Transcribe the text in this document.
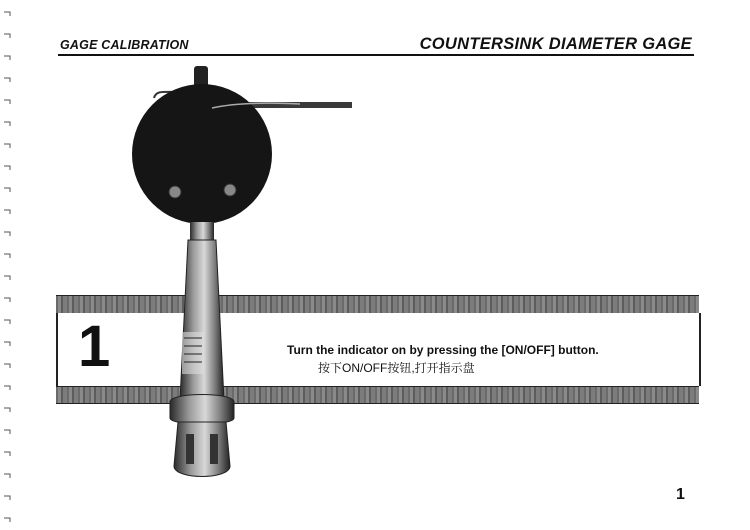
GAGE CALIBRATION	COUNTERSINK DIAMETER GAGE
1	Turn the indicator on by pressing the [ON/OFF] button.
按下ON/OFF按钮,打开指示盘
1
